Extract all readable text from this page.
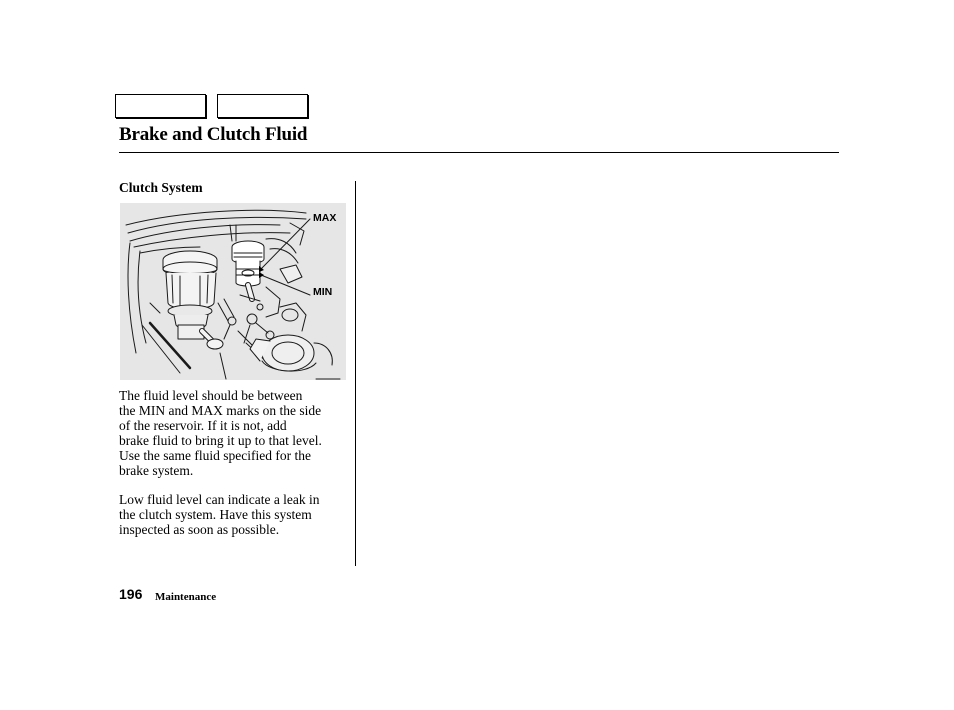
Brake and Clutch Fluid
Clutch System
MAX
MIN

The fluid level should be between
the MIN and MAX marks on the side
of the reservoir. If it is not, add
brake fluid to bring it up to that level.
Use the same fluid specified for the
brake system.

Low fluid level can indicate a leak in
the clutch system. Have this system
inspected as soon as possible.

196 Maintenance
